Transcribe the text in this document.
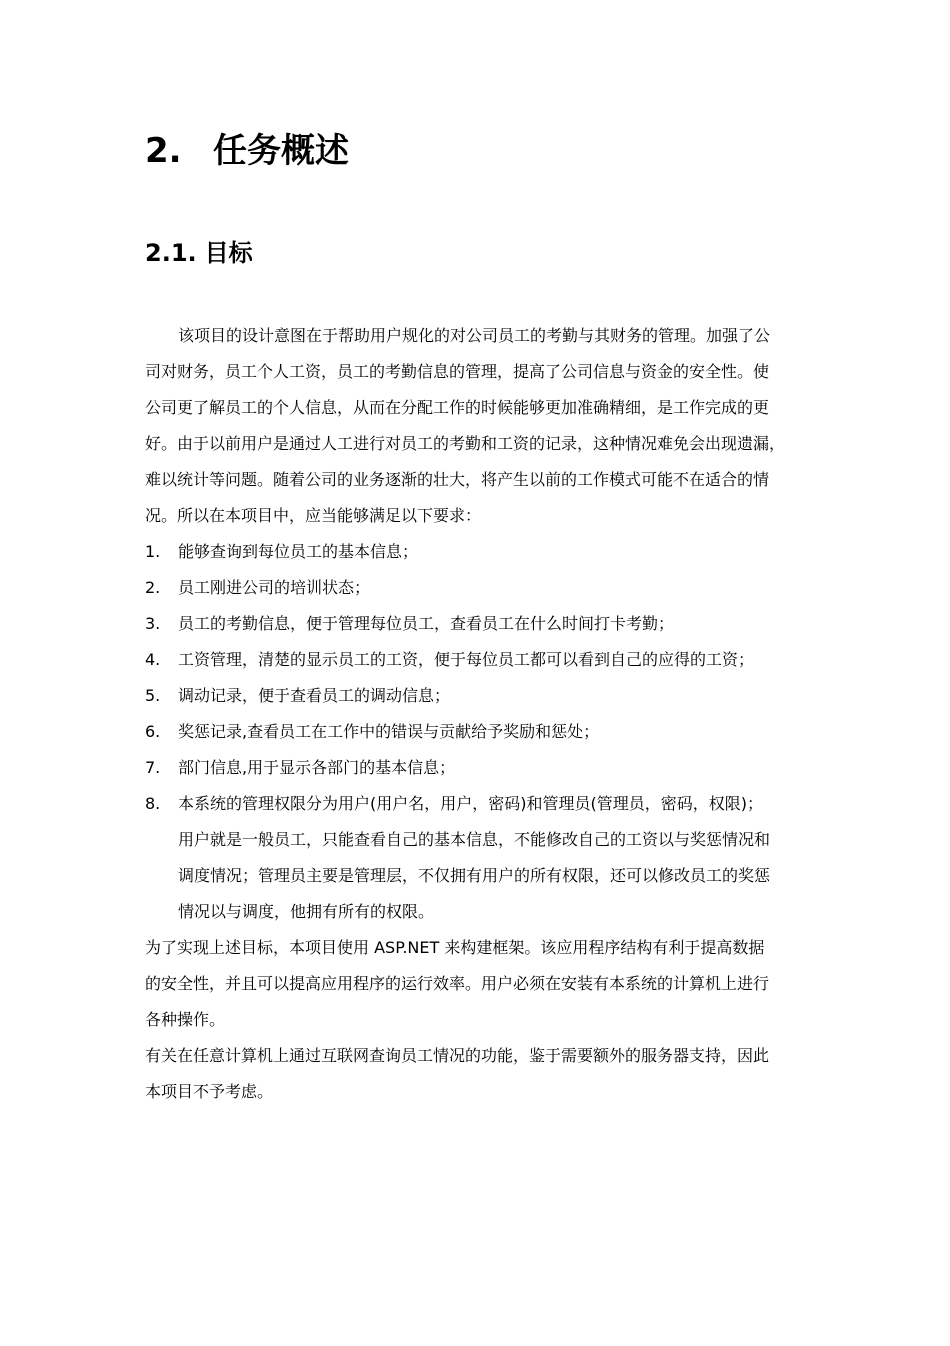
2. 任务概述
2.1. 目标
该项目的设计意图在于帮助用户规化的对公司员工的考勤与其财务的管理。加强了公
司对财务，员工个人工资，员工的考勤信息的管理，提高了公司信息与资金的安全性。使
公司更了解员工的个人信息，从而在分配工作的时候能够更加准确精细，是工作完成的更
好。由于以前用户是通过人工进行对员工的考勤和工资的记录，这种情况难免会出现遗漏，
难以统计等问题。随着公司的业务逐渐的壮大，将产生以前的工作模式可能不在适合的情
况。所以在本项目中，应当能够满足以下要求：
1.	能够查询到每位员工的基本信息；
2.	员工刚进公司的培训状态；
3.	员工的考勤信息，便于管理每位员工，查看员工在什么时间打卡考勤；
4.	工资管理，清楚的显示员工的工资，便于每位员工都可以看到自己的应得的工资；
5.	调动记录，便于查看员工的调动信息；
6.	奖惩记录,查看员工在工作中的错误与贡献给予奖励和惩处；
7.	部门信息,用于显示各部门的基本信息；
8.	本系统的管理权限分为用户(用户名，用户，密码)和管理员(管理员，密码，权限)；
用户就是一般员工，只能查看自己的基本信息，不能修改自己的工资以与奖惩情况和
调度情况；管理员主要是管理层，不仅拥有用户的所有权限，还可以修改员工的奖惩
情况以与调度，他拥有所有的权限。
为了实现上述目标，本项目使用 ASP.NET 来构建框架。该应用程序结构有利于提高数据
的安全性，并且可以提高应用程序的运行效率。用户必须在安装有本系统的计算机上进行
各种操作。
有关在任意计算机上通过互联网查询员工情况的功能，鉴于需要额外的服务器支持，因此
本项目不予考虑。
